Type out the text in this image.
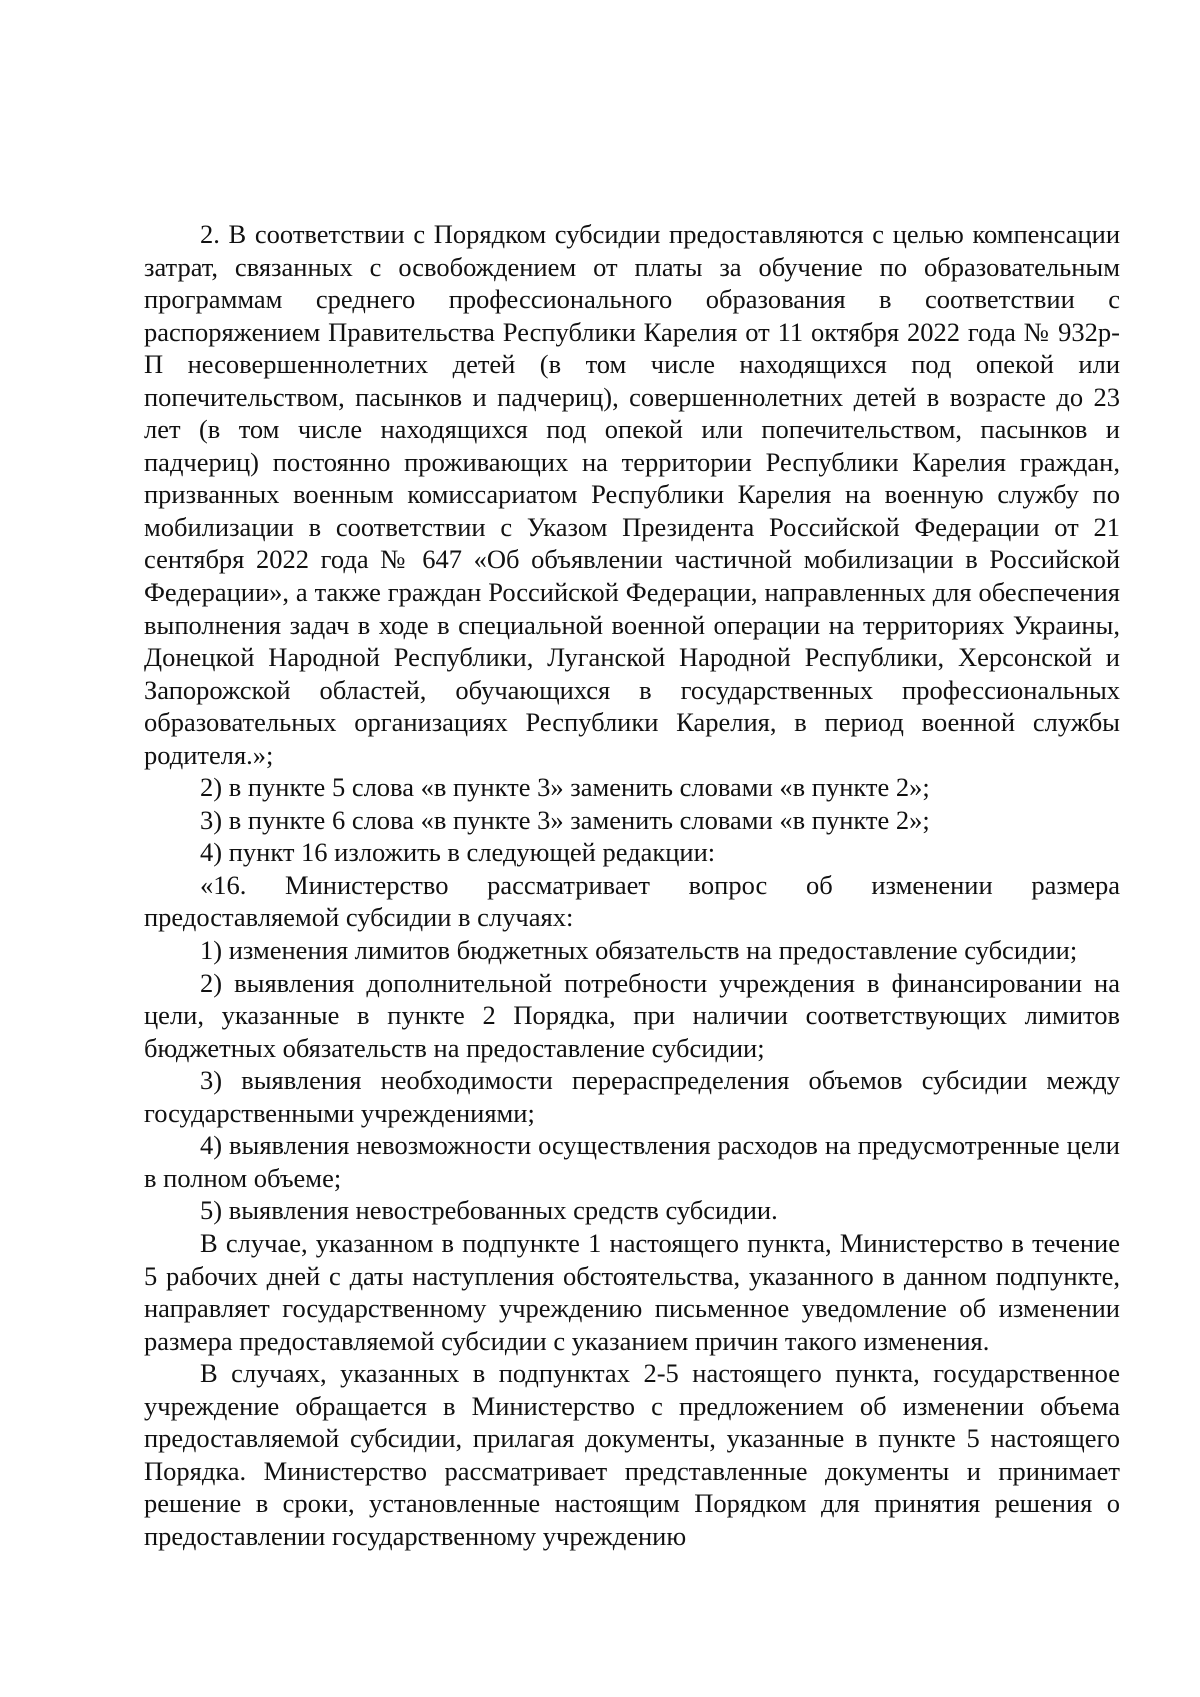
2. В соответствии с Порядком субсидии предоставляются с целью компенсации затрат, связанных с освобождением от платы за обучение по образовательным программам среднего профессионального образования в соответствии с распоряжением Правительства Республики Карелия от 11 октября 2022 года № 932р-П несовершеннолетних детей (в том числе находящихся под опекой или попечительством, пасынков и падчериц), совершеннолетних детей в возрасте до 23 лет (в том числе находящихся под опекой или попечительством, пасынков и падчериц) постоянно проживающих на территории Республики Карелия граждан, призванных военным комиссариатом Республики Карелия на военную службу по мобилизации в соответствии с Указом Президента Российской Федерации от 21 сентября 2022 года № 647 «Об объявлении частичной мобилизации в Российской Федерации», а также граждан Российской Федерации, направленных для обеспечения выполнения задач в ходе в специальной военной операции на территориях Украины, Донецкой Народной Республики, Луганской Народной Республики, Херсонской и Запорожской областей, обучающихся в государственных профессиональных образовательных организациях Республики Карелия, в период военной службы родителя.»;

2) в пункте 5 слова «в пункте 3» заменить словами «в пункте 2»;

3) в пункте 6 слова «в пункте 3» заменить словами «в пункте 2»;

4) пункт 16 изложить в следующей редакции:

«16. Министерство рассматривает вопрос об изменении размера предоставляемой субсидии в случаях:

1) изменения лимитов бюджетных обязательств на предоставление субсидии;

2) выявления дополнительной потребности учреждения в финансировании на цели, указанные в пункте 2 Порядка, при наличии соответствующих лимитов бюджетных обязательств на предоставление субсидии;

3) выявления необходимости перераспределения объемов субсидии между государственными учреждениями;

4) выявления невозможности осуществления расходов на предусмотренные цели в полном объеме;

5) выявления невостребованных средств субсидии.

В случае, указанном в подпункте 1 настоящего пункта, Министерство в течение 5 рабочих дней с даты наступления обстоятельства, указанного в данном подпункте, направляет государственному учреждению письменное уведомление об изменении размера предоставляемой субсидии с указанием причин такого изменения.

В случаях, указанных в подпунктах 2-5 настоящего пункта, государственное учреждение обращается в Министерство с предложением об изменении объема предоставляемой субсидии, прилагая документы, указанные в пункте 5 настоящего Порядка. Министерство рассматривает представленные документы и принимает решение в сроки, установленные настоящим Порядком для принятия решения о предоставлении государственному учреждению
